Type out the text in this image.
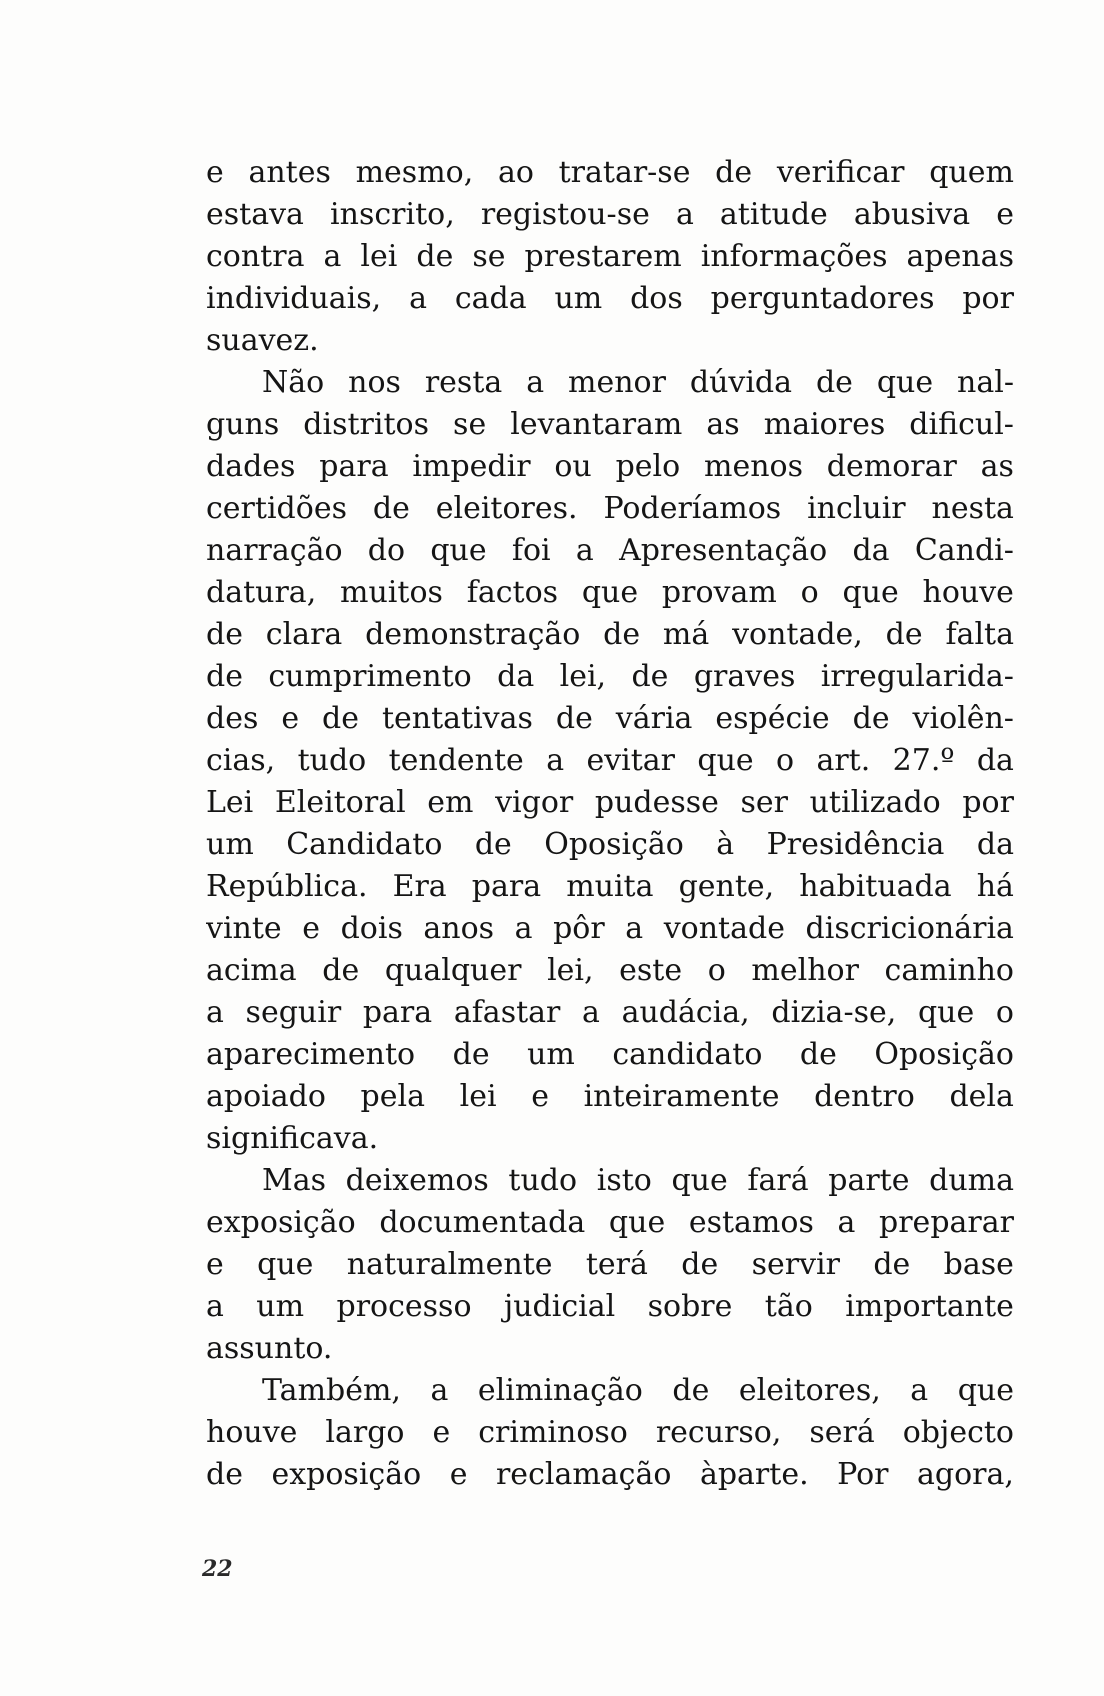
e antes mesmo, ao tratar-se de verificar quem
estava inscrito, registou-se a atitude abusiva e
contra a lei de se prestarem informações apenas
individuais, a cada um dos perguntadores por
sua vez.
Não nos resta a menor dúvida de que nal-
guns distritos se levantaram as maiores dificul-
dades para impedir ou pelo menos demorar as
certidões de eleitores. Poderíamos incluir nesta
narração do que foi a Apresentação da Candi-
datura, muitos factos que provam o que houve
de clara demonstração de má vontade, de falta
de cumprimento da lei, de graves irregularida-
des e de tentativas de vária espécie de violên-
cias, tudo tendente a evitar que o art. 27.º da
Lei Eleitoral em vigor pudesse ser utilizado por
um Candidato de Oposição à Presidência da
República. Era para muita gente, habituada há
vinte e dois anos a pôr a vontade discricionária
acima de qualquer lei, este o melhor caminho
a seguir para afastar a audácia, dizia-se, que o
aparecimento de um candidato de Oposição
apoiado pela lei e inteiramente dentro dela
significava.
Mas deixemos tudo isto que fará parte duma
exposição documentada que estamos a preparar
e que naturalmente terá de servir de base
a um processo judicial sobre tão importante
assunto.
Também, a eliminação de eleitores, a que
houve largo e criminoso recurso, será objecto
de exposição e reclamação àparte. Por agora,
22
